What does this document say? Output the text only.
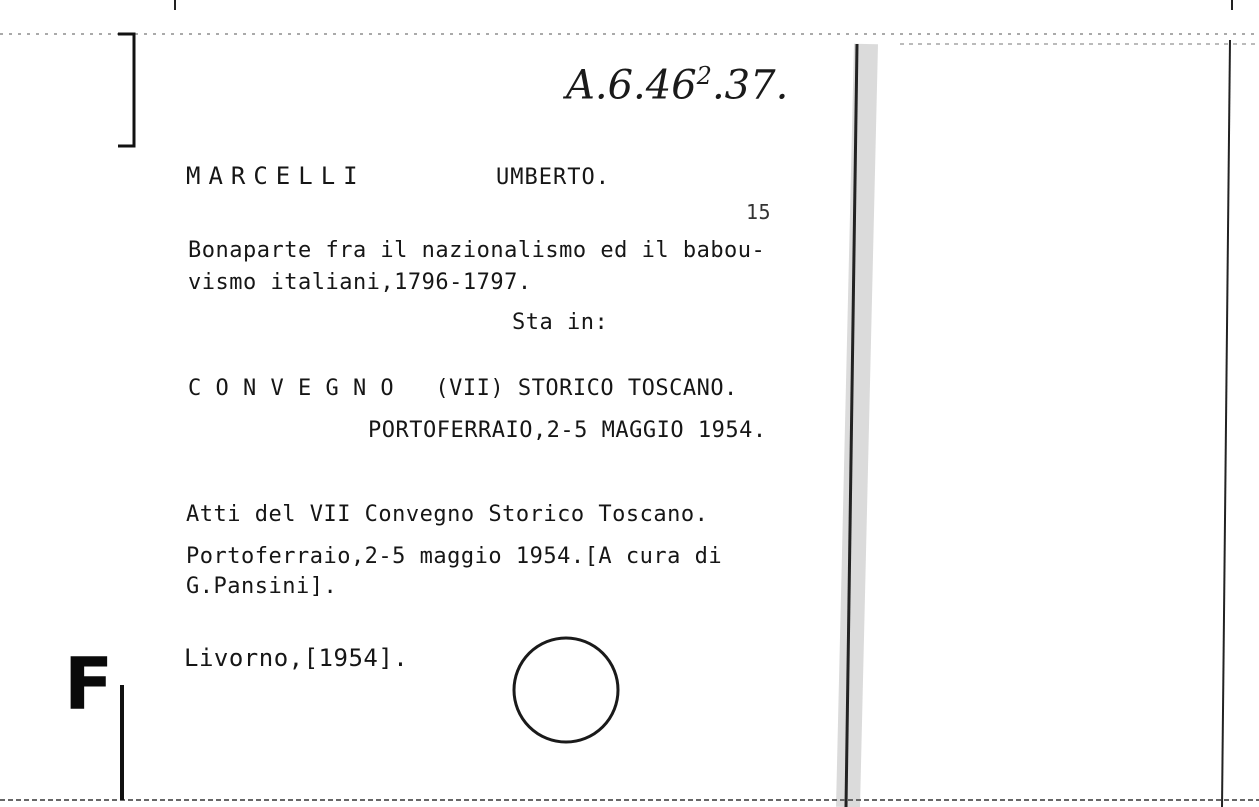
A.6.46$^2$.37.
MARCELLI	UMBERTO.
15
Bonaparte fra il nazionalismo ed il babou-
vismo italiani,1796-1797.
Sta in:
C O N V E G N O   (VII) STORICO TOSCANO.
PORTOFERRAIO,2-5 MAGGIO 1954.
Atti del VII Convegno Storico Toscano.
Portoferraio,2-5 maggio 1954.[A cura di
G.Pansini].
Livorno,[1954].
F
